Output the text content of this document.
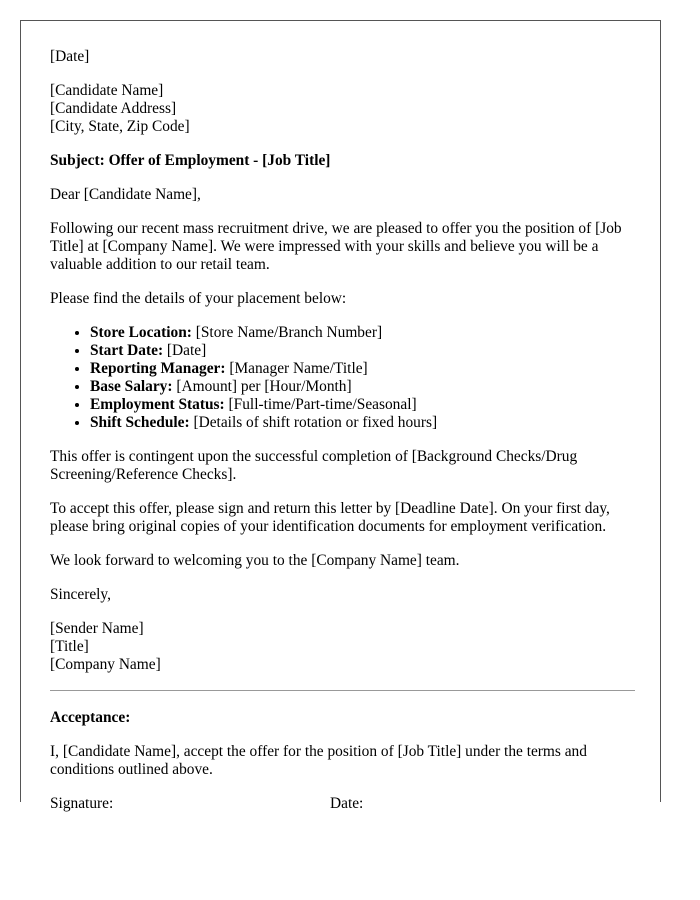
[Date]

[Candidate Name]
[Candidate Address]
[City, State, Zip Code]

Subject: Offer of Employment - [Job Title]

Dear [Candidate Name],

Following our recent mass recruitment drive, we are pleased to offer you the position of [Job Title] at [Company Name]. We were impressed with your skills and believe you will be a valuable addition to our retail team.

Please find the details of your placement below:

• Store Location: [Store Name/Branch Number]
• Start Date: [Date]
• Reporting Manager: [Manager Name/Title]
• Base Salary: [Amount] per [Hour/Month]
• Employment Status: [Full-time/Part-time/Seasonal]
• Shift Schedule: [Details of shift rotation or fixed hours]

This offer is contingent upon the successful completion of [Background Checks/Drug Screening/Reference Checks].

To accept this offer, please sign and return this letter by [Deadline Date]. On your first day, please bring original copies of your identification documents for employment verification.

We look forward to welcoming you to the [Company Name] team.

Sincerely,

[Sender Name]
[Title]
[Company Name]

Acceptance:

I, [Candidate Name], accept the offer for the position of [Job Title] under the terms and conditions outlined above.

Signature:	Date:
